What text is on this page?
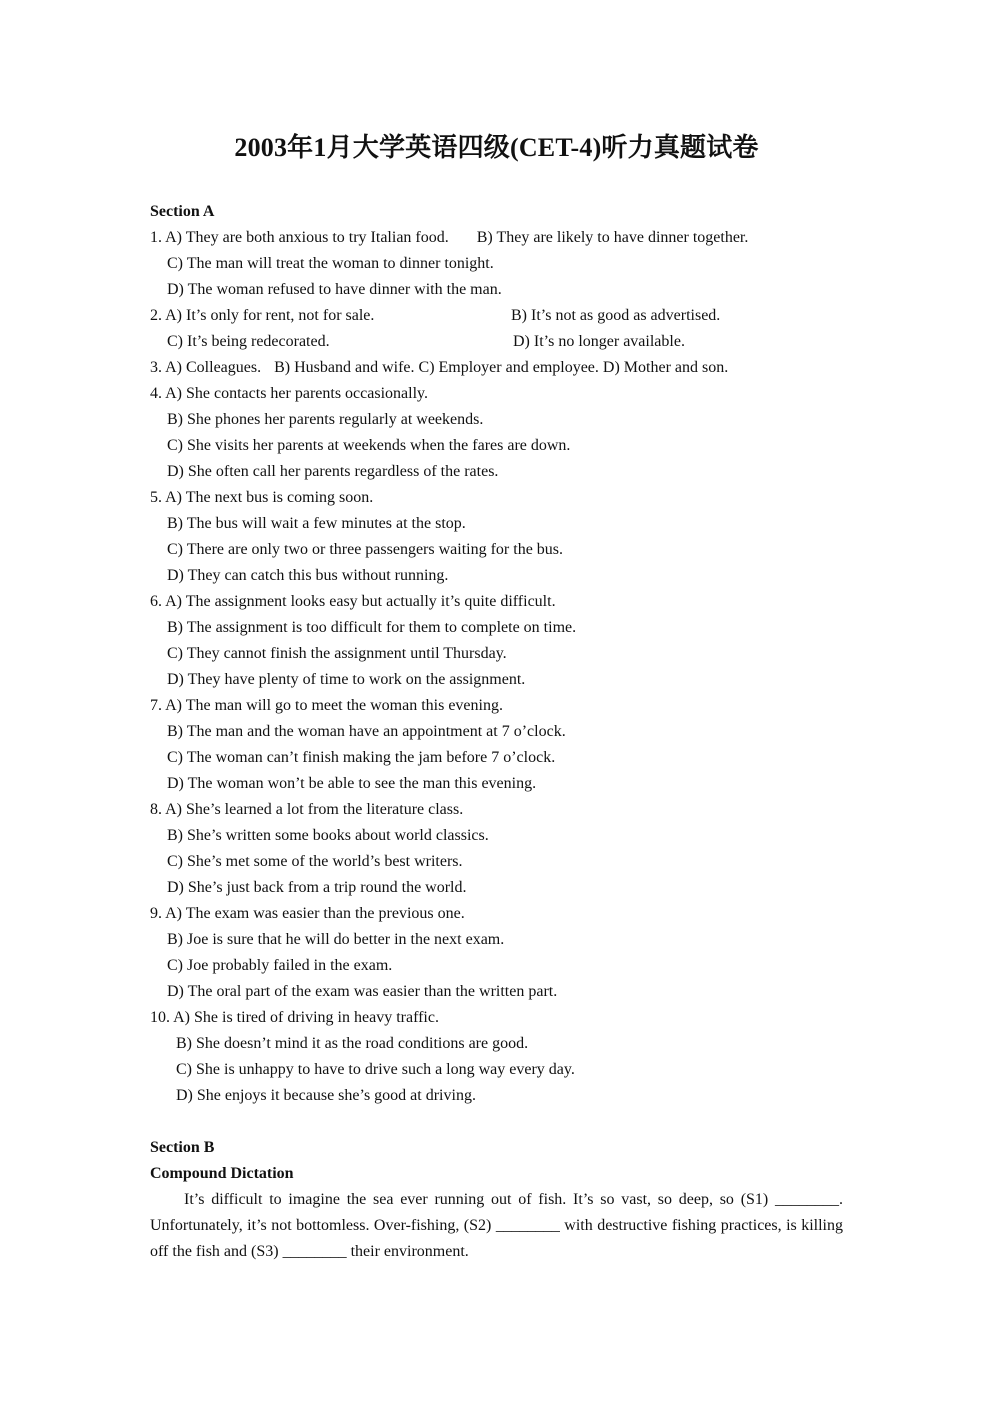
2003年1月大学英语四级(CET-4)听力真题试卷
Section A
1. A) They are both anxious to try Italian food. B) They are likely to have dinner together.
C) The man will treat the woman to dinner tonight.
D) The woman refused to have dinner with the man.
2. A) It’s only for rent, not for sale.	B) It’s not as good as advertised.
C) It’s being redecorated.	D) It’s no longer available.
3. A) Colleagues. B) Husband and wife. C) Employer and employee. D) Mother and son.
4. A) She contacts her parents occasionally.
B) She phones her parents regularly at weekends.
C) She visits her parents at weekends when the fares are down.
D) She often call her parents regardless of the rates.
5. A) The next bus is coming soon.
B) The bus will wait a few minutes at the stop.
C) There are only two or three passengers waiting for the bus.
D) They can catch this bus without running.
6. A) The assignment looks easy but actually it’s quite difficult.
B) The assignment is too difficult for them to complete on time.
C) They cannot finish the assignment until Thursday.
D) They have plenty of time to work on the assignment.
7. A) The man will go to meet the woman this evening.
B) The man and the woman have an appointment at 7 o’clock.
C) The woman can’t finish making the jam before 7 o’clock.
D) The woman won’t be able to see the man this evening.
8. A) She’s learned a lot from the literature class.
B) She’s written some books about world classics.
C) She’s met some of the world’s best writers.
D) She’s just back from a trip round the world.
9. A) The exam was easier than the previous one.
B) Joe is sure that he will do better in the next exam.
C) Joe probably failed in the exam.
D) The oral part of the exam was easier than the written part.
10. A) She is tired of driving in heavy traffic.
B) She doesn’t mind it as the road conditions are good.
C) She is unhappy to have to drive such a long way every day.
D) She enjoys it because she’s good at driving.
Section B
Compound Dictation
It’s difficult to imagine the sea ever running out of fish. It’s so vast, so deep, so (S1) ________. Unfortunately, it’s not bottomless. Over-fishing, (S2) ________ with destructive fishing practices, is killing off the fish and (S3) ________ their environment.
